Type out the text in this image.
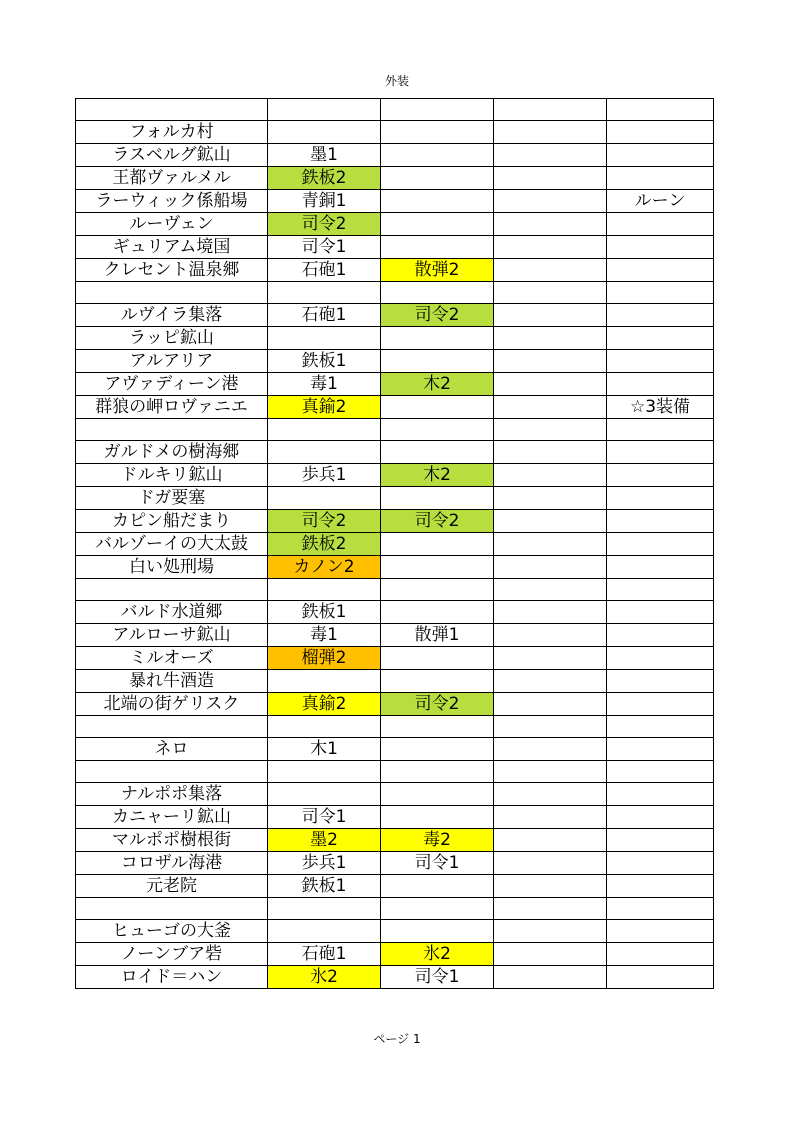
外装

フォルカ村				
ラスベルグ鉱山	墨1			
王都ヴァルメル	鉄板2			
ラーウィック係船場	青銅1			ルーン
ルーヴェン	司令2			
ギュリアム境国	司令1			
クレセント温泉郷	石砲1	散弾2		

ルヴイラ集落	石砲1	司令2		
ラッピ鉱山				
アルアリア	鉄板1			
アヴァディーン港	毒1	木2		
群狼の岬ロヴァニエ	真鍮2			☆3装備

ガルドメの樹海郷				
ドルキリ鉱山	歩兵1	木2		
ドガ要塞				
カピン船だまり	司令2	司令2		
バルゾーイの大太鼓	鉄板2			
白い処刑場	カノン2			

バルド水道郷	鉄板1			
アルローサ鉱山	毒1	散弾1		
ミルオーズ	榴弾2			
暴れ牛酒造				
北端の街ゲリスク	真鍮2	司令2		

ネロ	木1			

ナルポポ集落				
カニャーリ鉱山	司令1			
マルポポ樹根街	墨2	毒2		
コロザル海港	歩兵1	司令1		
元老院	鉄板1			

ヒューゴの大釜				
ノーンブア砦	石砲1	氷2		
ロイド＝ハン	氷2	司令1		
ページ 1
